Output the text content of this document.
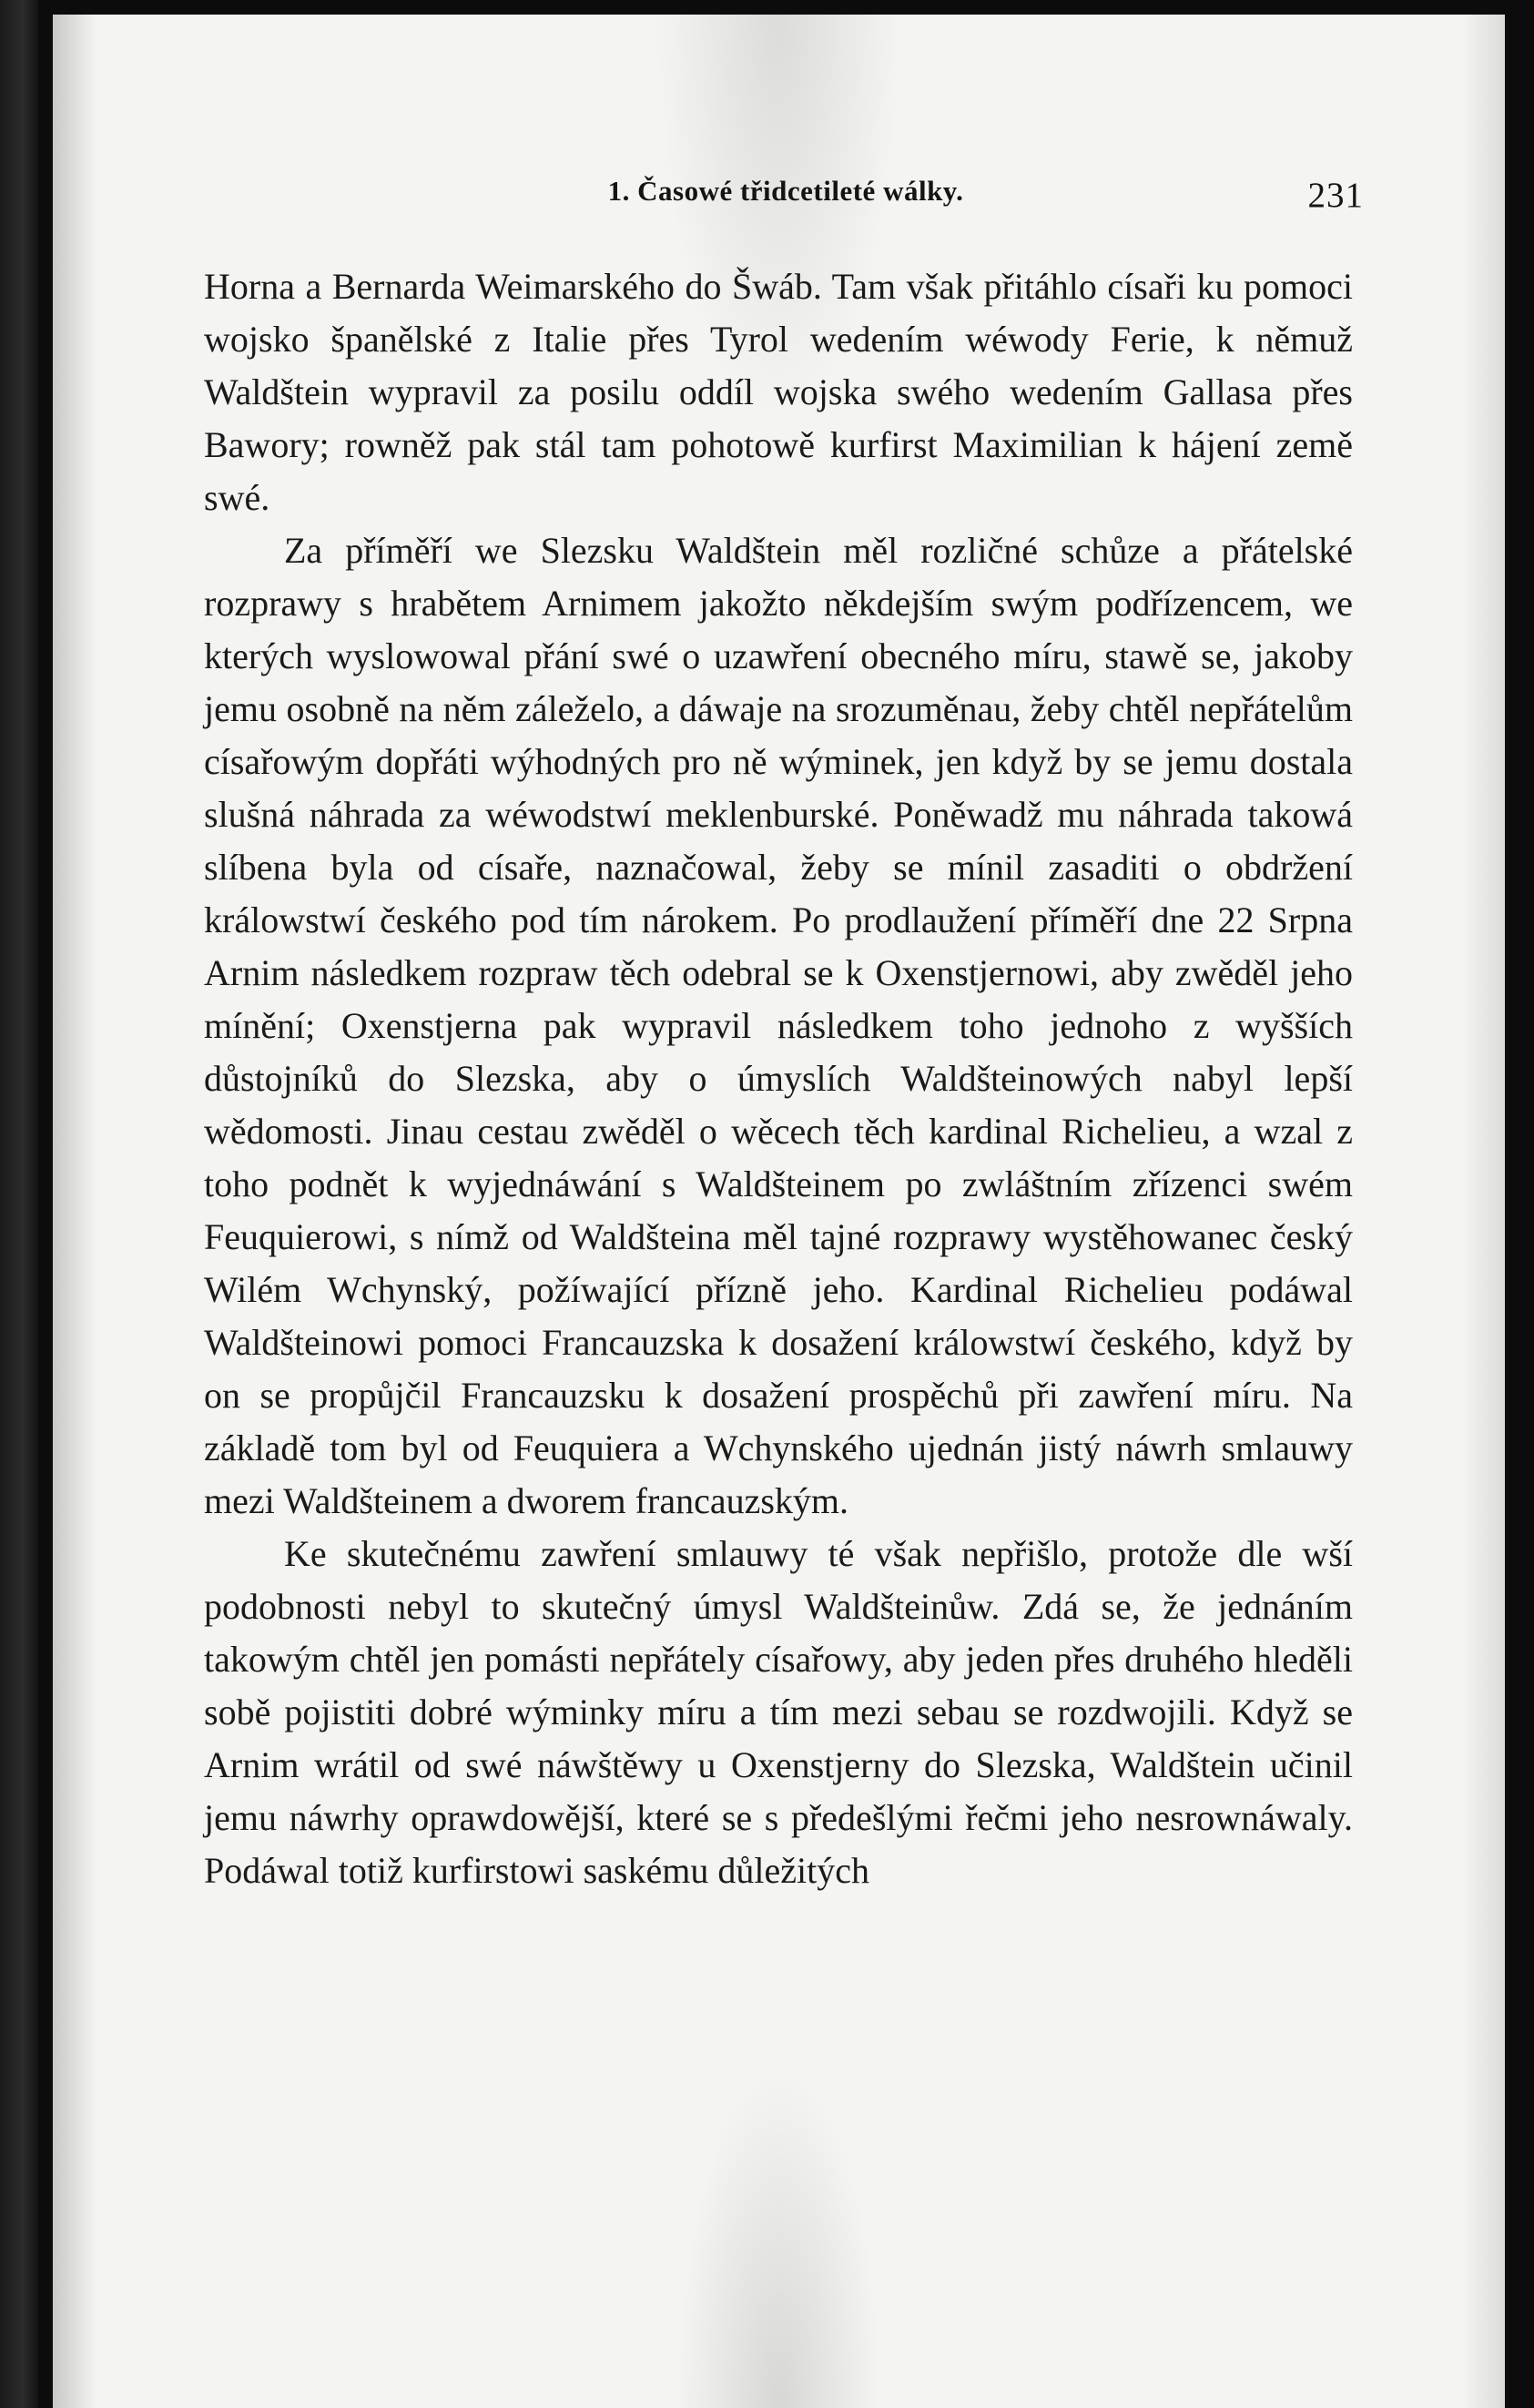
1. Časowé třidcetileté wálky.	231

Horna a Bernarda Weimarského do Šwáb. Tam však přitáhlo císaři ku pomoci wojsko španělské z Italie přes Tyrol wedením wéwody Ferie, k němuž Waldštein wypravil za posilu oddíl wojska swého wedením Gallasa přes Bawory; rowněž pak stál tam pohotowě kurfirst Maximilian k hájení země swé.

Za příměří we Slezsku Waldštein měl rozličné schůze a přátelské rozprawy s hrabětem Arnimem jakožto někdejším swým podřízencem, we kterých wyslowowal přání swé o uzawření obecného míru, stawě se, jakoby jemu osobně na něm záleželo, a dáwaje na srozuměnau, žeby chtěl nepřátelům císařowým dopřáti wýhodných pro ně wýminek, jen když by se jemu dostala slušná náhrada za wéwodstwí meklenburské. Poněwadž mu náhrada takowá slíbena byla od císaře, naznačowal, žeby se mínil zasaditi o obdržení králowstwí českého pod tím nárokem. Po prodlaužení příměří dne 22 Srpna Arnim následkem rozpraw těch odebral se k Oxenstjernowi, aby zwěděl jeho mínění; Oxenstjerna pak wypravil následkem toho jednoho z wyšších důstojníků do Slezska, aby o úmyslích Waldšteinowých nabyl lepší wědomosti. Jinau cestau zwěděl o wěcech těch kardinal Richelieu, a wzal z toho podnět k wyjednáwání s Waldšteinem po zwláštním zřízenci swém Feuquierowi, s nímž od Waldšteina měl tajné rozprawy wystěhowanec český Wilém Wchynský, požíwající přízně jeho. Kardinal Richelieu podáwal Waldšteinowi pomoci Francauzska k dosažení králowstwí českého, když by on se propůjčil Francauzsku k dosažení prospěchů při zawření míru. Na základě tom byl od Feuquiera a Wchynského ujednán jistý náwrh smlauwy mezi Waldšteinem a dworem francauzským.

Ke skutečnému zawření smlauwy té však nepřišlo, protože dle wší podobnosti nebyl to skutečný úmysl Waldšteinůw. Zdá se, že jednáním takowým chtěl jen pomásti nepřátely císařowy, aby jeden přes druhého hleděli sobě pojistiti dobré wýminky míru a tím mezi sebau se rozdwojili. Když se Arnim wrátil od swé náwštěwy u Oxenstjerny do Slezska, Waldštein učinil jemu náwrhy oprawdowější, které se s předešlými řečmi jeho nesrownáwaly. Podáwal totiž kurfirstowi saskému důležitých
